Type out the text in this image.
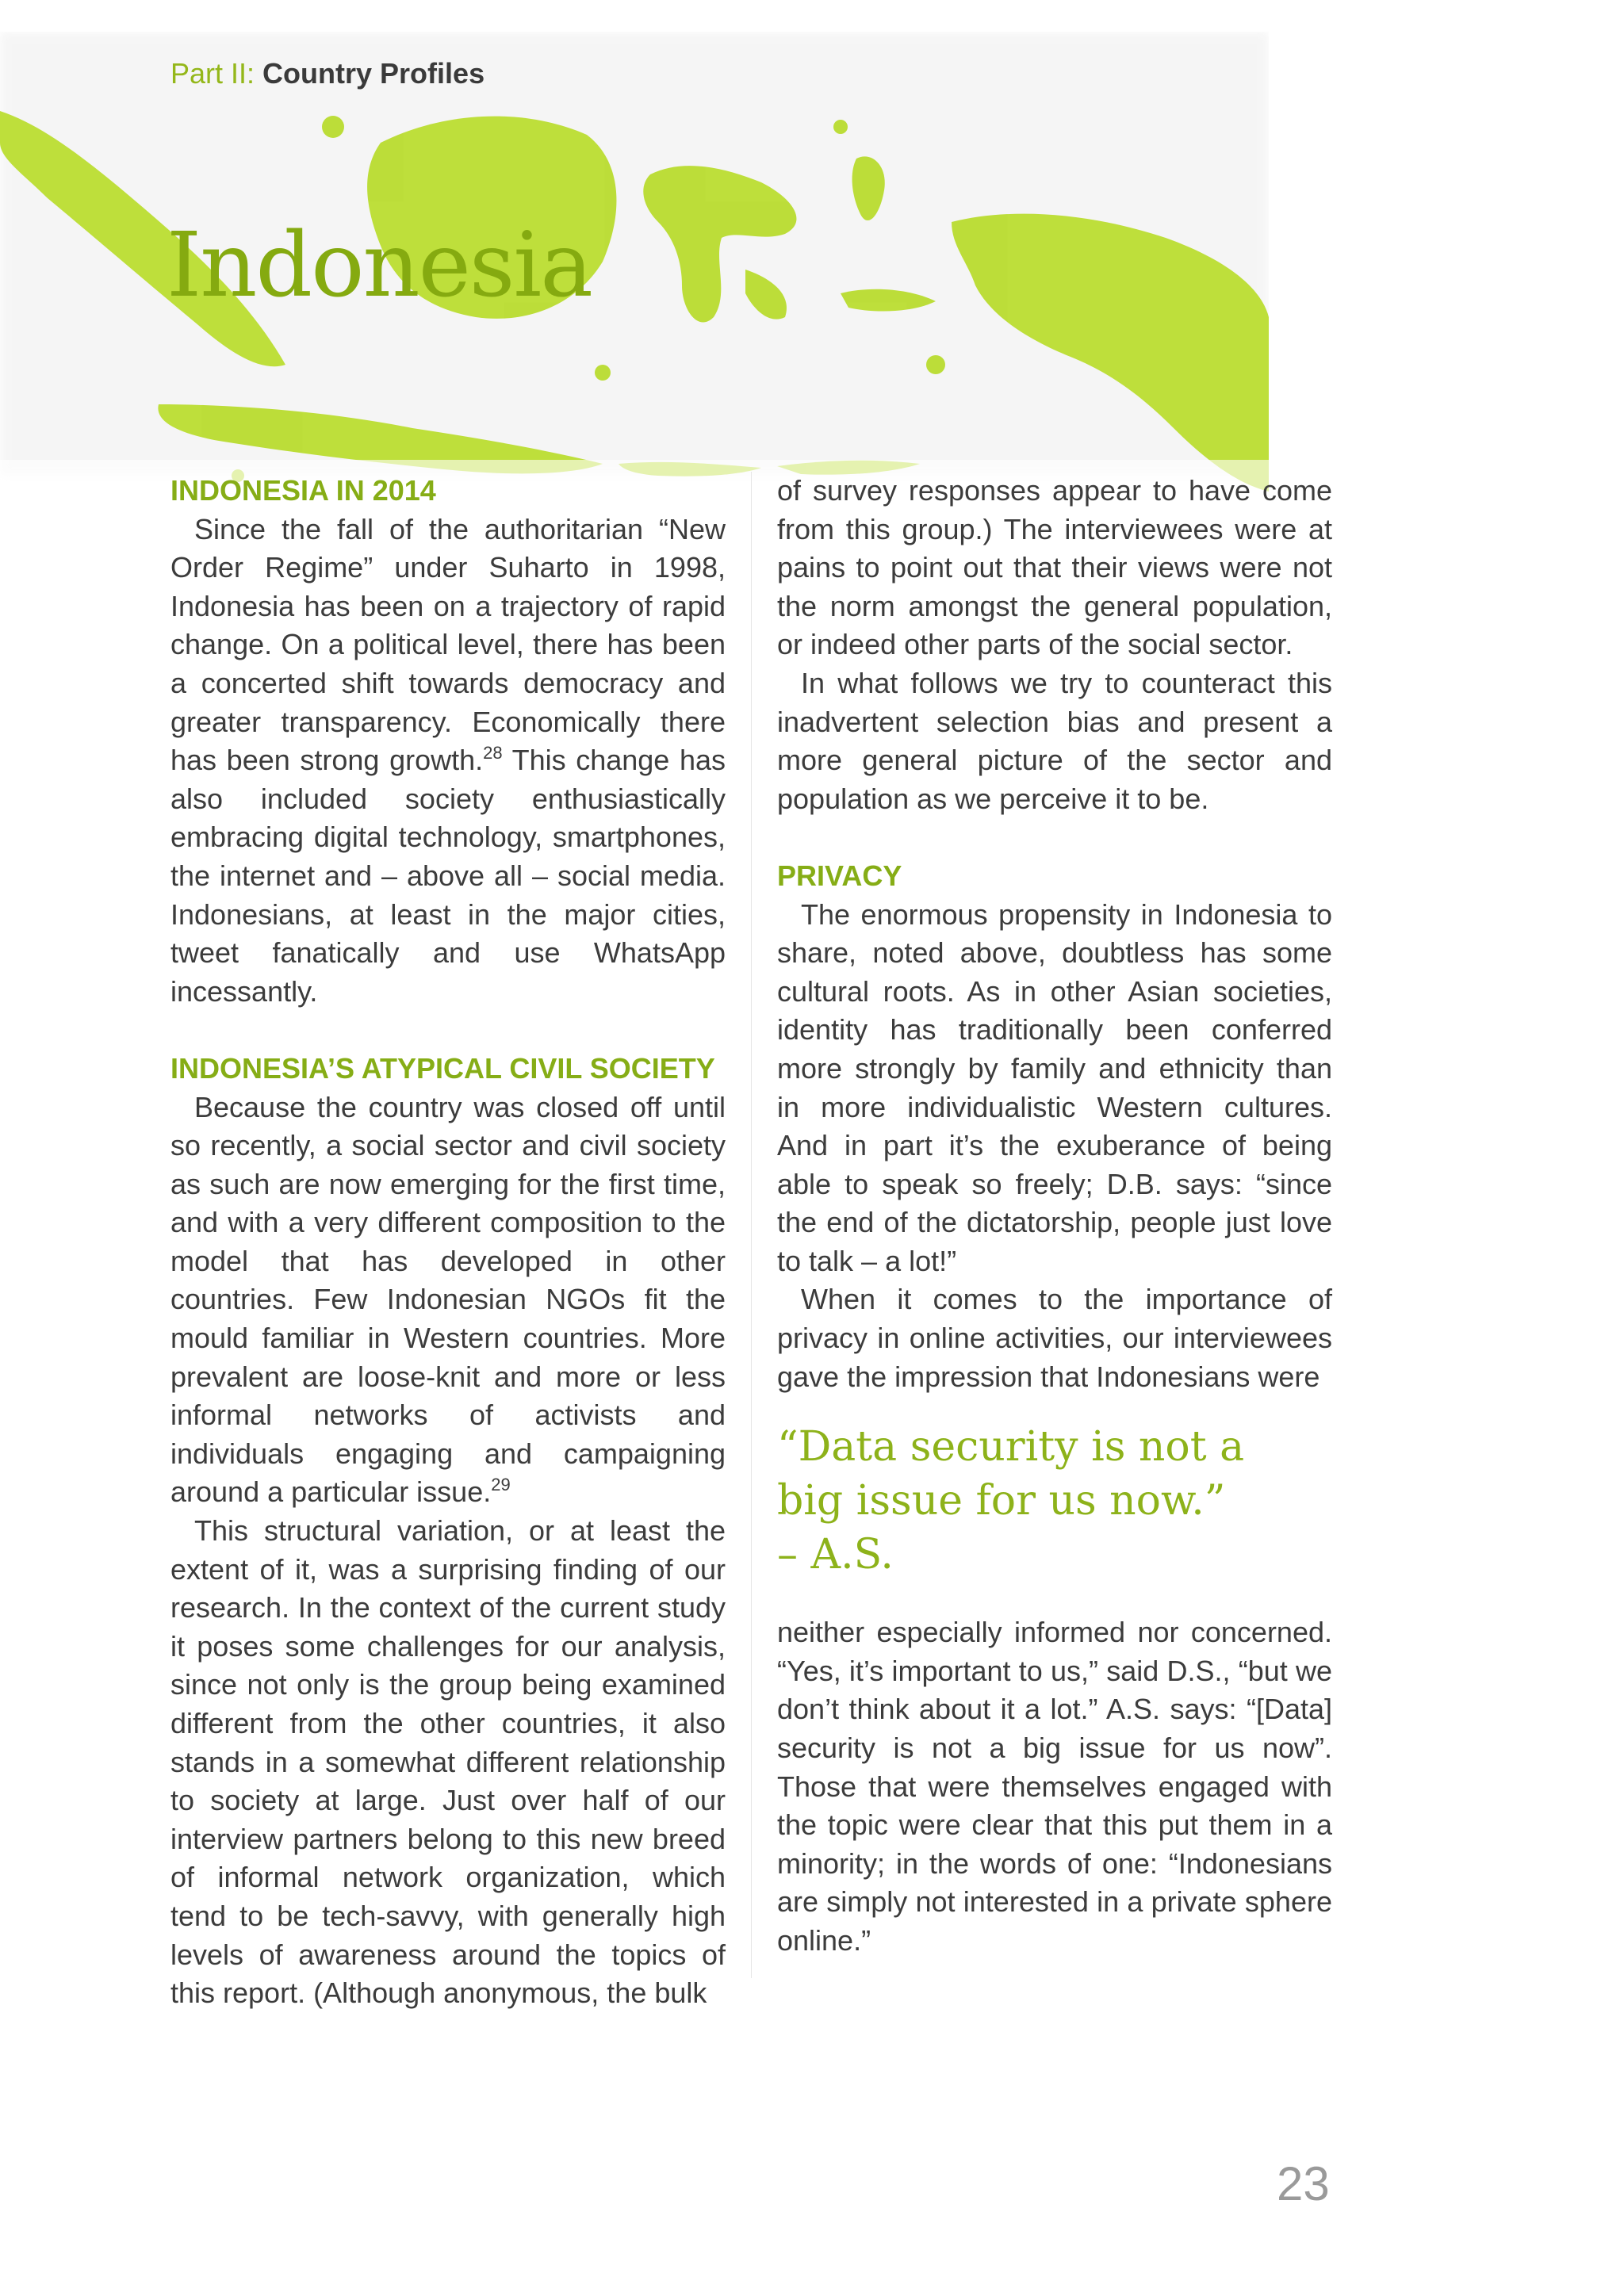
Part II: Country Profiles
Indonesia

INDONESIA IN 2014

Since the fall of the authoritarian “New Order Regime” under Suharto in 1998, Indonesia has been on a trajectory of rapid change. On a political level, there has been a concerted shift towards democracy and greater transparency. Economically there has been strong growth.$^{28}$ This change has also included society enthusiastically embracing digital technology, smartphones, the internet and – above all – social media. Indonesians, at least in the major cities, tweet fanatically and use WhatsApp incessantly.

INDONESIA’S ATYPICAL CIVIL SOCIETY

Because the country was closed off until so recently, a social sector and civil society as such are now emerging for the first time, and with a very different composition to the model that has developed in other countries. Few Indonesian NGOs fit the mould familiar in Western countries. More prevalent are loose-knit and more or less informal networks of activists and individuals engaging and campaigning around a particular issue.$^{29}$

This structural variation, or at least the extent of it, was a surprising finding of our research. In the context of the current study it poses some challenges for our analysis, since not only is the group being examined different from the other countries, it also stands in a somewhat different relationship to society at large. Just over half of our interview partners belong to this new breed of informal network organization, which tend to be tech-savvy, with generally high levels of awareness around the topics of this report. (Although anonymous, the bulk

of survey responses appear to have come from this group.) The interviewees were at pains to point out that their views were not the norm amongst the general population, or indeed other parts of the social sector.

In what follows we try to counteract this inadvertent selection bias and present a more general picture of the sector and population as we perceive it to be.

PRIVACY

The enormous propensity in Indonesia to share, noted above, doubtless has some cultural roots. As in other Asian societies, identity has traditionally been conferred more strongly by family and ethnicity than in more individualistic Western cultures. And in part it’s the exuberance of being able to speak so freely; D.B. says: “since the end of the dictatorship, people just love to talk – a lot!”

When it comes to the importance of privacy in online activities, our interviewees gave the impression that Indonesians were

“Data security is not a
big issue for us now.”
– A.S.

neither especially informed nor concerned. “Yes, it’s important to us,” said D.S., “but we don’t think about it a lot.” A.S. says: “[Data] security is not a big issue for us now”. Those that were themselves engaged with the topic were clear that this put them in a minority; in the words of one: “Indonesians are simply not interested in a private sphere online.”

23
